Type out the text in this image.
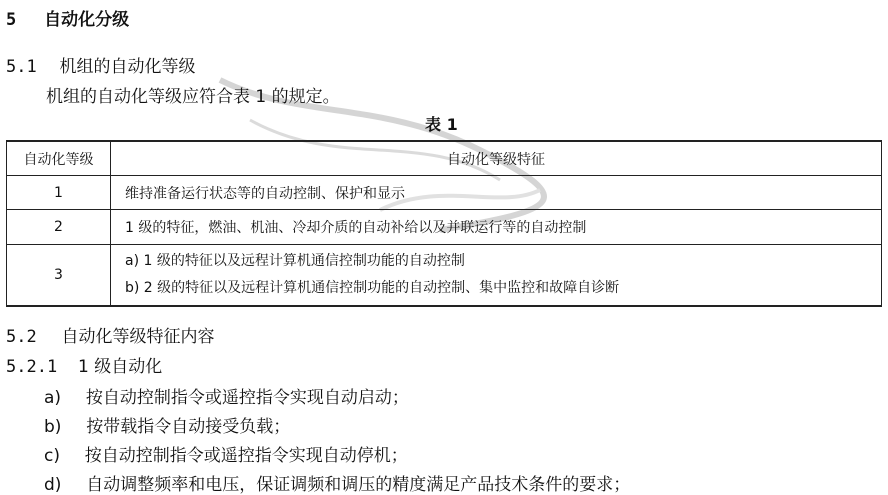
5 自动化分级
5.1 机组的自动化等级
机组的自动化等级应符合表 1 的规定。
表 1
自动化等级	自动化等级特征
1	维持准备运行状态等的自动控制、保护和显示
2	1 级的特征，燃油、机油、冷却介质的自动补给以及并联运行等的自动控制
3	a) 1 级的特征以及远程计算机通信控制功能的自动控制
b) 2 级的特征以及远程计算机通信控制功能的自动控制、集中监控和故障自诊断
5.2 自动化等级特征内容
5.2.1 1 级自动化
a) 按自动控制指令或遥控指令实现自动启动；
b) 按带载指令自动接受负载；
c) 按自动控制指令或遥控指令实现自动停机；
d) 自动调整频率和电压，保证调频和调压的精度满足产品技术条件的要求；
